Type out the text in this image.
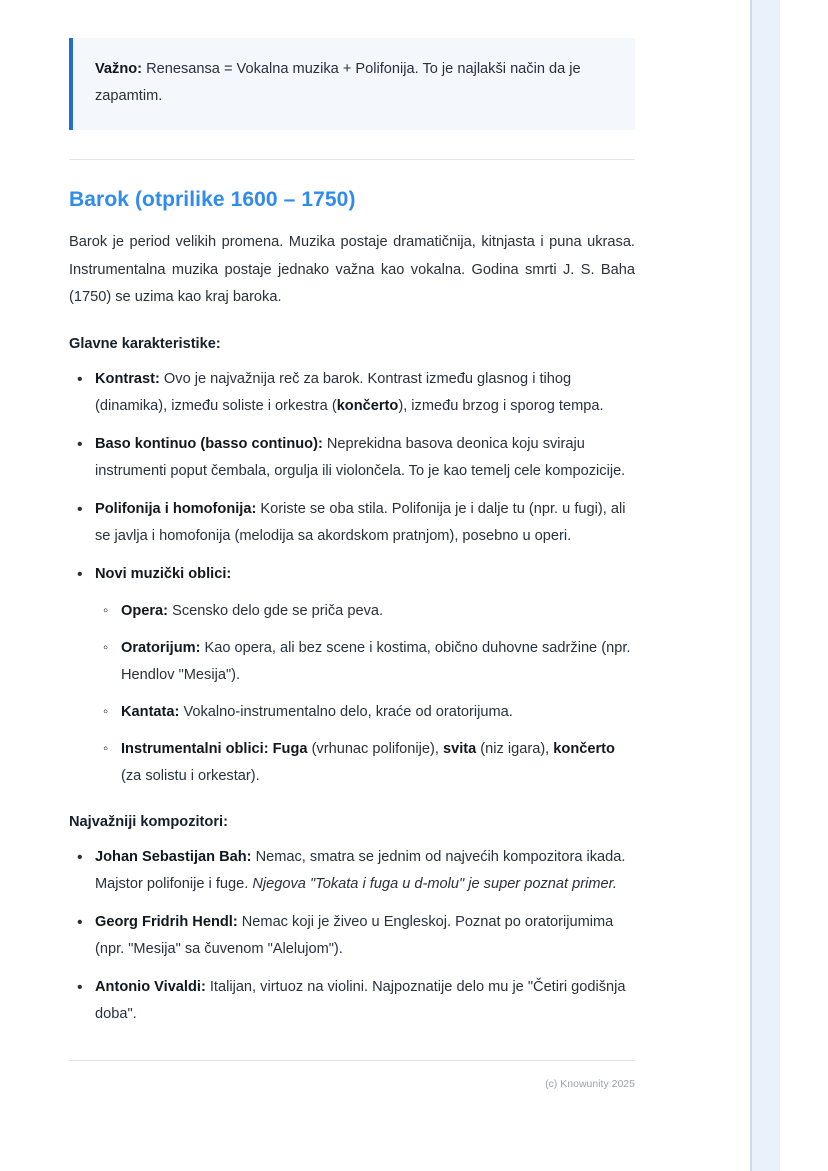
Važno: Renesansa = Vokalna muzika + Polifonija. To je najlakši način da je zapamtim.

Barok (otprilike 1600 – 1750)

Barok je period velikih promena. Muzika postaje dramatičnija, kitnjasta i puna ukrasa. Instrumentalna muzika postaje jednako važna kao vokalna. Godina smrti J. S. Baha (1750) se uzima kao kraj baroka.

Glavne karakteristike:
• Kontrast: Ovo je najvažnija reč za barok. Kontrast između glasnog i tihog (dinamika), između soliste i orkestra (končerto), između brzog i sporog tempa.
• Baso kontinuo (basso continuo): Neprekidna basova deonica koju sviraju instrumenti poput čembala, orgulja ili violončela. To je kao temelj cele kompozicije.
• Polifonija i homofonija: Koriste se oba stila. Polifonija je i dalje tu (npr. u fugi), ali se javlja i homofonija (melodija sa akordskom pratnjom), posebno u operi.
• Novi muzički oblici:
◦ Opera: Scensko delo gde se priča peva.
◦ Oratorijum: Kao opera, ali bez scene i kostima, obično duhovne sadržine (npr. Hendlov "Mesija").
◦ Kantata: Vokalno-instrumentalno delo, kraće od oratorijuma.
◦ Instrumentalni oblici: Fuga (vrhunac polifonije), svita (niz igara), končerto (za solistu i orkestar).
Najvažniji kompozitori:
• Johan Sebastijan Bah: Nemac, smatra se jednim od najvećih kompozitora ikada. Majstor polifonije i fuge. Njegova "Tokata i fuga u d-molu" je super poznat primer.
• Georg Fridrih Hendl: Nemac koji je živeo u Engleskoj. Poznat po oratorijumima (npr. "Mesija" sa čuvenom "Alelujom").
• Antonio Vivaldi: Italijan, virtuoz na violini. Najpoznatije delo mu je "Četiri godišnja doba".
(c) Knowunity 2025
